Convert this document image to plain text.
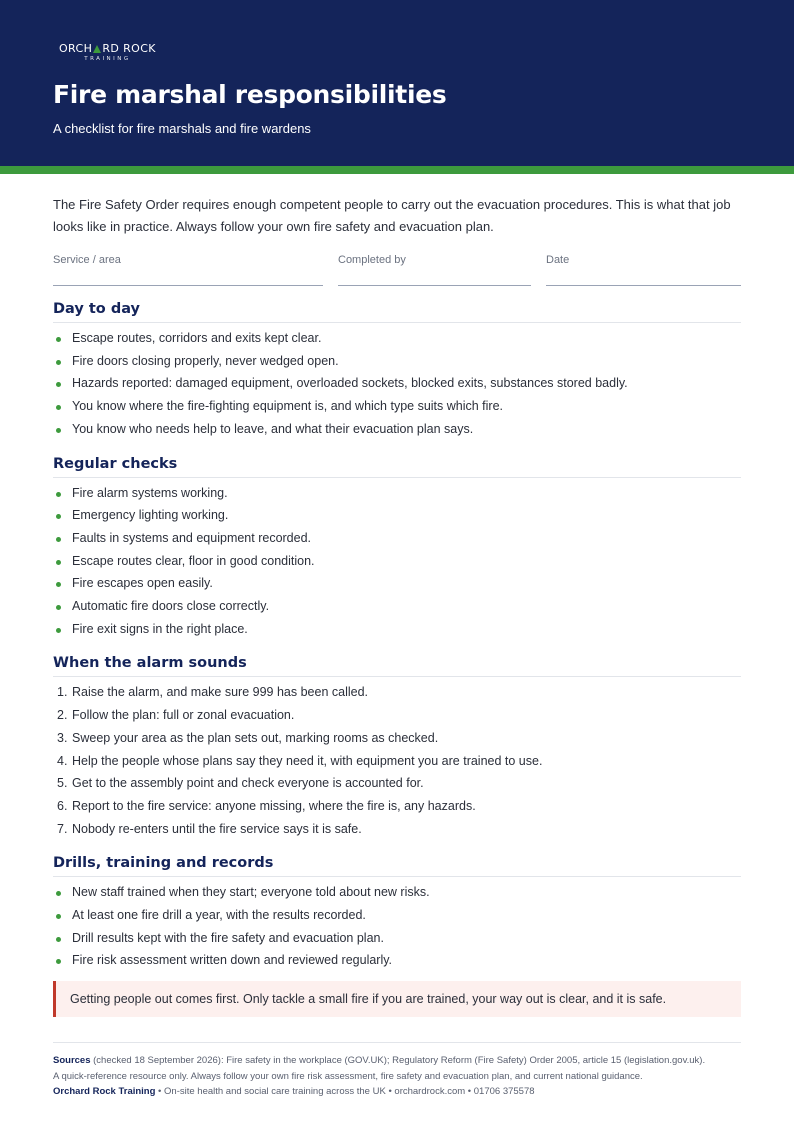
ORCH RD ROCK
TRAINING
Fire marshal responsibilities
A checklist for fire marshals and fire wardens

The Fire Safety Order requires enough competent people to carry out the evacuation procedures. This is what that job looks like in practice. Always follow your own fire safety and evacuation plan.

Service / area	Completed by	Date
Day to day
Escape routes, corridors and exits kept clear.
Fire doors closing properly, never wedged open.
Hazards reported: damaged equipment, overloaded sockets, blocked exits, substances stored badly.
You know where the fire-fighting equipment is, and which type suits which fire.
You know who needs help to leave, and what their evacuation plan says.
Regular checks
Fire alarm systems working.
Emergency lighting working.
Faults in systems and equipment recorded.
Escape routes clear, floor in good condition.
Fire escapes open easily.
Automatic fire doors close correctly.
Fire exit signs in the right place.
When the alarm sounds
1. Raise the alarm, and make sure 999 has been called.
2. Follow the plan: full or zonal evacuation.
3. Sweep your area as the plan sets out, marking rooms as checked.
4. Help the people whose plans say they need it, with equipment you are trained to use.
5. Get to the assembly point and check everyone is accounted for.
6. Report to the fire service: anyone missing, where the fire is, any hazards.
7. Nobody re-enters until the fire service says it is safe.
Drills, training and records
New staff trained when they start; everyone told about new risks.
At least one fire drill a year, with the results recorded.
Drill results kept with the fire safety and evacuation plan.
Fire risk assessment written down and reviewed regularly.
Getting people out comes first. Only tackle a small fire if you are trained, your way out is clear, and it is safe.
Sources (checked 18 September 2026): Fire safety in the workplace (GOV.UK); Regulatory Reform (Fire Safety) Order 2005, article 15 (legislation.gov.uk).
A quick-reference resource only. Always follow your own fire risk assessment, fire safety and evacuation plan, and current national guidance.
Orchard Rock Training • On-site health and social care training across the UK • orchardrock.com • 01706 375578
